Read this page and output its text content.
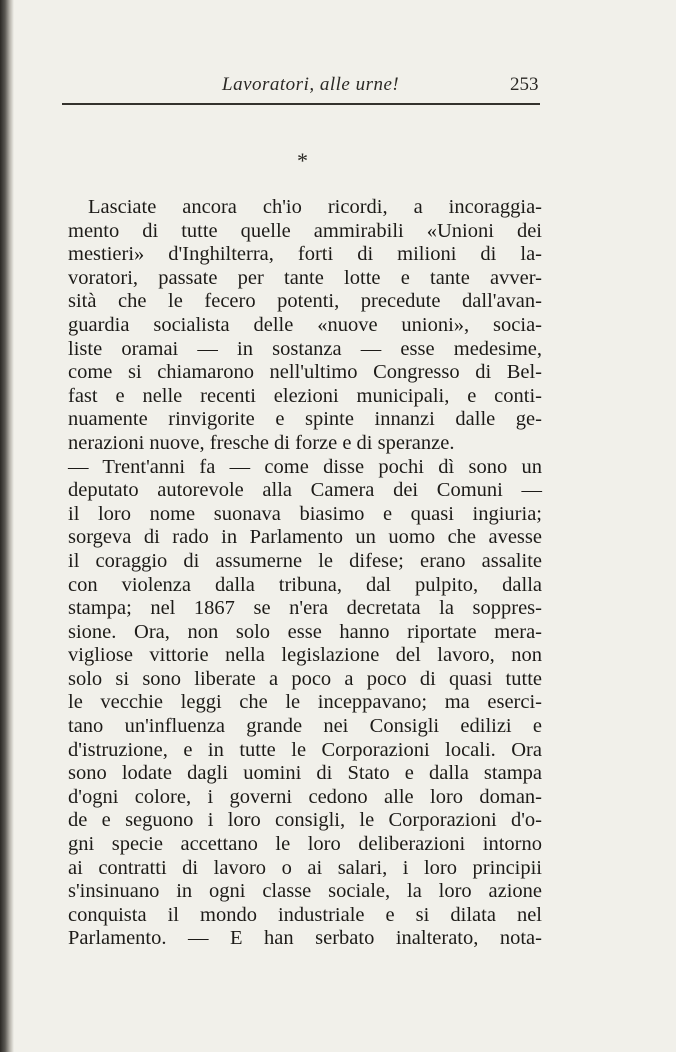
Lavoratori, alle urne!	253
*
Lasciate ancora ch'io ricordi, a incoraggia-
mento di tutte quelle ammirabili «Unioni dei
mestieri» d'Inghilterra, forti di milioni di la-
voratori, passate per tante lotte e tante avver-
sità che le fecero potenti, precedute dall'avan-
guardia socialista delle «nuove unioni», socia-
liste oramai — in sostanza — esse medesime,
come si chiamarono nell'ultimo Congresso di Bel-
fast e nelle recenti elezioni municipali, e conti-
nuamente rinvigorite e spinte innanzi dalle ge-
nerazioni nuove, fresche di forze e di speranze.
— Trent'anni fa — come disse pochi dì sono un
deputato autorevole alla Camera dei Comuni —
il loro nome suonava biasimo e quasi ingiuria;
sorgeva di rado in Parlamento un uomo che avesse
il coraggio di assumerne le difese; erano assalite
con violenza dalla tribuna, dal pulpito, dalla
stampa; nel 1867 se n'era decretata la soppres-
sione. Ora, non solo esse hanno riportate mera-
vigliose vittorie nella legislazione del lavoro, non
solo si sono liberate a poco a poco di quasi tutte
le vecchie leggi che le inceppavano; ma eserci-
tano un'influenza grande nei Consigli edilizi e
d'istruzione, e in tutte le Corporazioni locali. Ora
sono lodate dagli uomini di Stato e dalla stampa
d'ogni colore, i governi cedono alle loro doman-
de e seguono i loro consigli, le Corporazioni d'o-
gni specie accettano le loro deliberazioni intorno
ai contratti di lavoro o ai salari, i loro principii
s'insinuano in ogni classe sociale, la loro azione
conquista il mondo industriale e si dilata nel
Parlamento. — E han serbato inalterato, nota-
